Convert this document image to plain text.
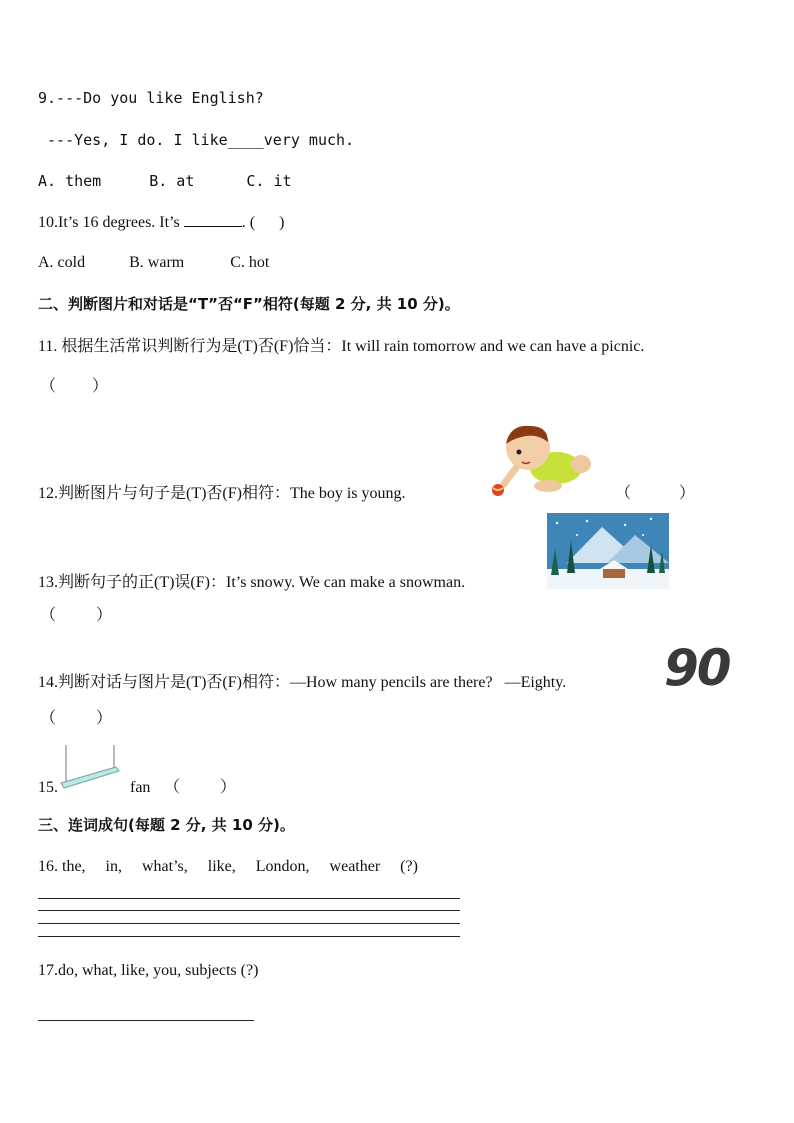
9.---Do you like English?
---Yes, I do. I like____very much.
A. them	B. at	C. it
10.It’s 16 degrees. It’s	. (      )
A. cold	B. warm	C. hot
二、判断图片和对话是“T”否“F”相符(每题 2 分, 共 10 分)。
11. 根据生活常识判断行为是(T)否(F)恰当：It will rain tomorrow and we can have a picnic.
（         ）
12.判断图片与句子是(T)否(F)相符：The boy is young.	（            ）
13.判断句子的正(T)误(F)：It’s snowy. We can make a snowman.
（          ）
14.判断对话与图片是(T)否(F)相符：—How many pencils are there?   —Eighty.
（          ）
90
15.	fan （          ）
三、连词成句(每题 2 分, 共 10 分)。
16. the,     in,     what’s,     like,     London,     weather     (?)
17.do, what, like, you, subjects (?)
